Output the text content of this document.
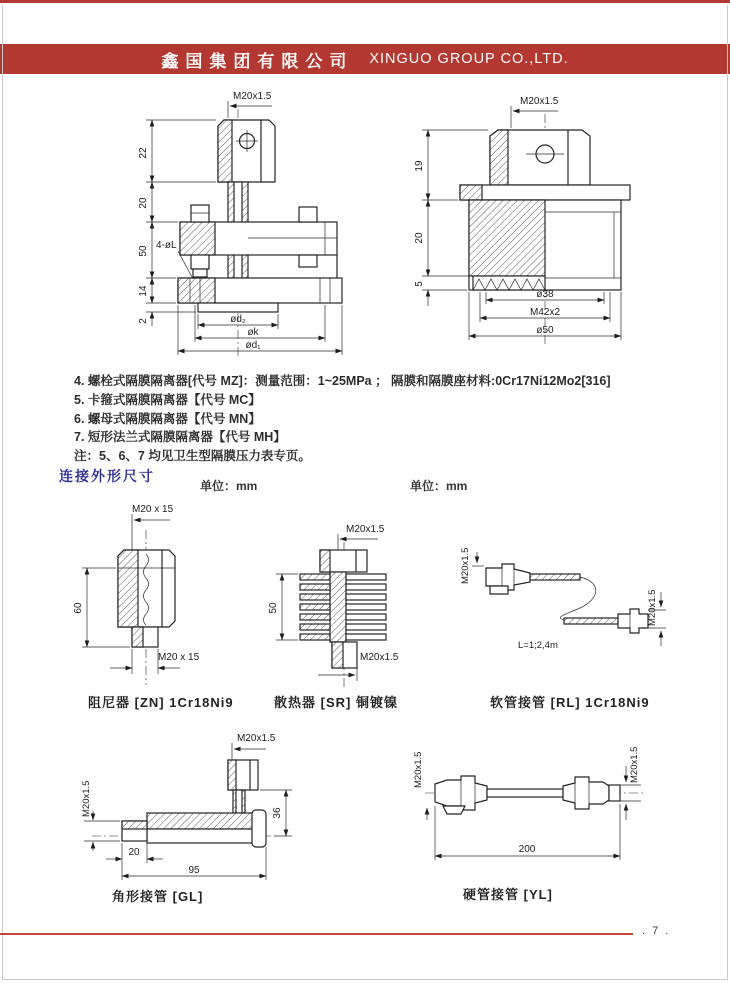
鑫国集团有限公司 XINGUO GROUP CO.,LTD.
M20x1.5
22
20
50
14
2
4-øL
ød₂
øk
ød₁
M20x1.5
19
20
5
ø38
M42x2
ø50
4. 螺栓式隔膜隔离器[代号 MZ]：测量范围：1~25MPa ； 隔膜和隔膜座材料:0Cr17Ni12Mo2[316]
5. 卡箍式隔膜隔离器【代号 MC】
6. 螺母式隔膜隔离器【代号 MN】
7. 短形法兰式隔膜隔离器【代号 MH】
注：5、6、7 均见卫生型隔膜压力表专页。
连接外形尺寸
单位：mm	单位：mm
M20 x 15
60
M20 x 15
阻尼器 [ZN] 1Cr18Ni9
M20x1.5
50
M20x1.5
散热器 [SR] 铜镀镍
M20x1.5
M20x1.5
L=1;2,4m
软管接管 [RL] 1Cr18Ni9
M20x1.5
36
M20x1.5
20
95
角形接管 [GL]
M20x1.5	M20x1.5
200
硬管接管 [YL]
. 7 .
